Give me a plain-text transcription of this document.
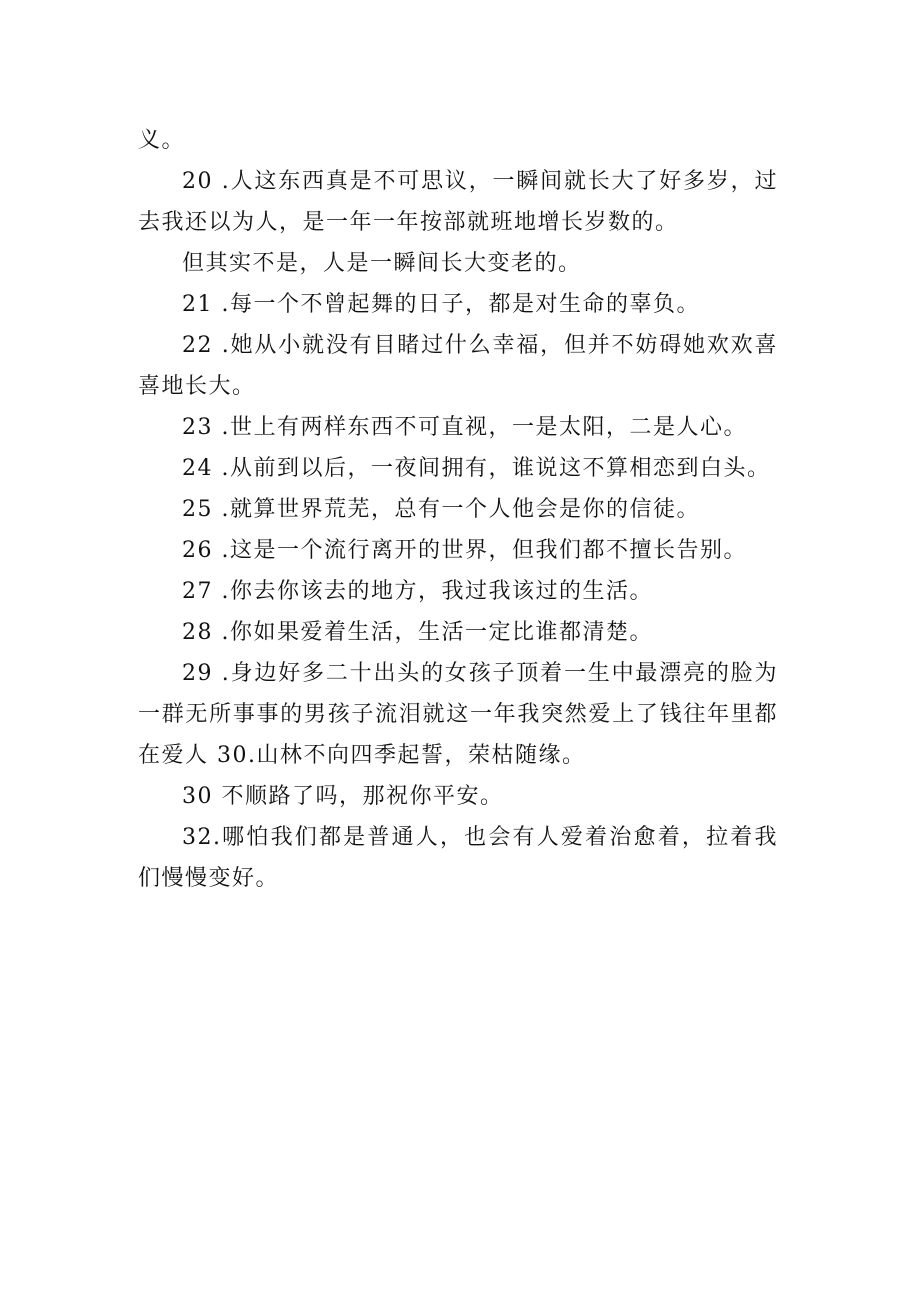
义。

20 .人这东西真是不可思议，一瞬间就长大了好多岁，过去我还以为人，是一年一年按部就班地增长岁数的。

但其实不是，人是一瞬间长大变老的。

21 .每一个不曾起舞的日子，都是对生命的辜负。

22 .她从小就没有目睹过什么幸福，但并不妨碍她欢欢喜喜地长大。

23 .世上有两样东西不可直视，一是太阳，二是人心。

24 .从前到以后，一夜间拥有，谁说这不算相恋到白头。

25 .就算世界荒芜，总有一个人他会是你的信徒。

26 .这是一个流行离开的世界，但我们都不擅长告别。

27 .你去你该去的地方，我过我该过的生活。

28 .你如果爱着生活，生活一定比谁都清楚。

29 .身边好多二十出头的女孩子顶着一生中最漂亮的脸为一群无所事事的男孩子流泪就这一年我突然爱上了钱往年里都在爱人 30.山林不向四季起誓，荣枯随缘。

30 不顺路了吗，那祝你平安。

32.哪怕我们都是普通人，也会有人爱着治愈着，拉着我们慢慢变好。
